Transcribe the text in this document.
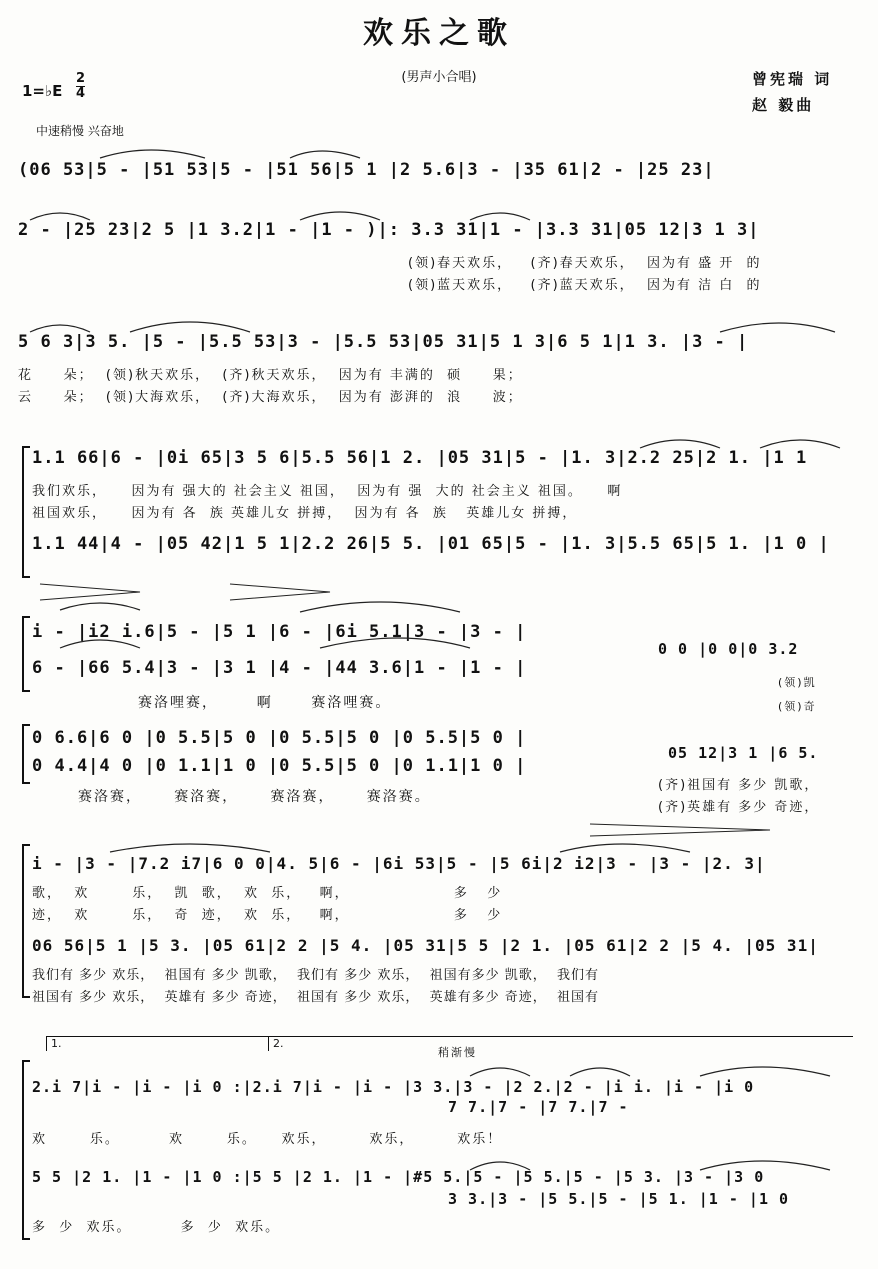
欢乐之歌
(男声小合唱)	曾宪瑞 词
赵 毅曲
1=♭E $\frac{2}{4}$
中速稍慢 兴奋地
(06 53|5 - |51 53|5 - |51 56|5 1 |2 5.6|3 - |35 61|2 - |25 23|
2 - |25 23|2 5 |1 3.2|1 - |1 - )|: 3.3 31|1 - |3.3 31|05 12|3 1 3|
(领)春天欢乐，   (齐)春天欢乐，  因为有 盛 开  的
(领)蓝天欢乐，   (齐)蓝天欢乐，  因为有 洁 白  的
5 6 3|3 5. |5 - |5.5 53|3 - |5.5 53|05 31|5 1 3|6 5 1|1 3. |3 - |
花     朵；  (领)秋天欢乐，  (齐)秋天欢乐，  因为有 丰满的  硕     果；
云     朵；  (领)大海欢乐，  (齐)大海欢乐，  因为有 澎湃的  浪     波；
1.1 66|6 - |0i 65|3 5 6|5.5 56|1 2. |05 31|5 - |1. 3|2.2 25|2 1. |1 1
我们欢乐，    因为有 强大的 社会主义 祖国，  因为有 强  大的 社会主义 祖国。    啊
祖国欢乐，    因为有 各  族 英雄儿女 拼搏，  因为有 各  族   英雄儿女 拼搏，
1.1 44|4 - |05 42|1 5 1|2.2 26|5 5. |01 65|5 - |1. 3|5.5 65|5 1. |1 0 |
i - |i2 i.6|5 - |5 1 |6 - |6i 5.1|3 - |3 - |
6 - |66 5.4|3 - |3 1 |4 - |44 3.6|1 - |1 - |
0 0 |0 0|0 3.2
赛洛哩赛，      啊      赛洛哩赛。
(领)凯
(领)奇
0 6.6|6 0 |0 5.5|5 0 |0 5.5|5 0 |0 5.5|5 0 |
0 4.4|4 0 |0 1.1|1 0 |0 5.5|5 0 |0 1.1|1 0 |
05 12|3 1 |6 5.
赛洛赛，     赛洛赛，     赛洛赛，     赛洛赛。
(齐)祖国有 多少 凯歌，
(齐)英雄有 多少 奇迹，
i - |3 - |7.2 i7|6 0 0|4. 5|6 - |6i 53|5 - |5 6i|2 i2|3 - |3 - |2. 3|
歌，  欢       乐，  凯  歌，  欢  乐，   啊，                 多   少
迹，  欢       乐，  奇  迹，  欢  乐，   啊，                 多   少
06 56|5 1 |5 3. |05 61|2 2 |5 4. |05 31|5 5 |2 1. |05 61|2 2 |5 4. |05 31|
我们有 多少 欢乐，  祖国有 多少 凯歌，  我们有 多少 欢乐，  祖国有多少 凯歌，  我们有
祖国有 多少 欢乐，  英雄有 多少 奇迹，  祖国有 多少 欢乐，  英雄有多少 奇迹，  祖国有
1.	2.
稍渐慢
2.i 7|i - |i - |i 0 :|2.i 7|i - |i - |3 3.|3 - |2 2.|2 - |i i. |i - |i 0
7 7.|7 - |7 7.|7 -
欢       乐。        欢       乐。    欢乐，       欢乐，       欢乐！
5 5 |2 1. |1 - |1 0 :|5 5 |2 1. |1 - |#5 5.|5 - |5 5.|5 - |5 3. |3 - |3 0
3 3.|3 - |5 5.|5 - |5 1. |1 - |1 0
多  少  欢乐。        多  少  欢乐。
